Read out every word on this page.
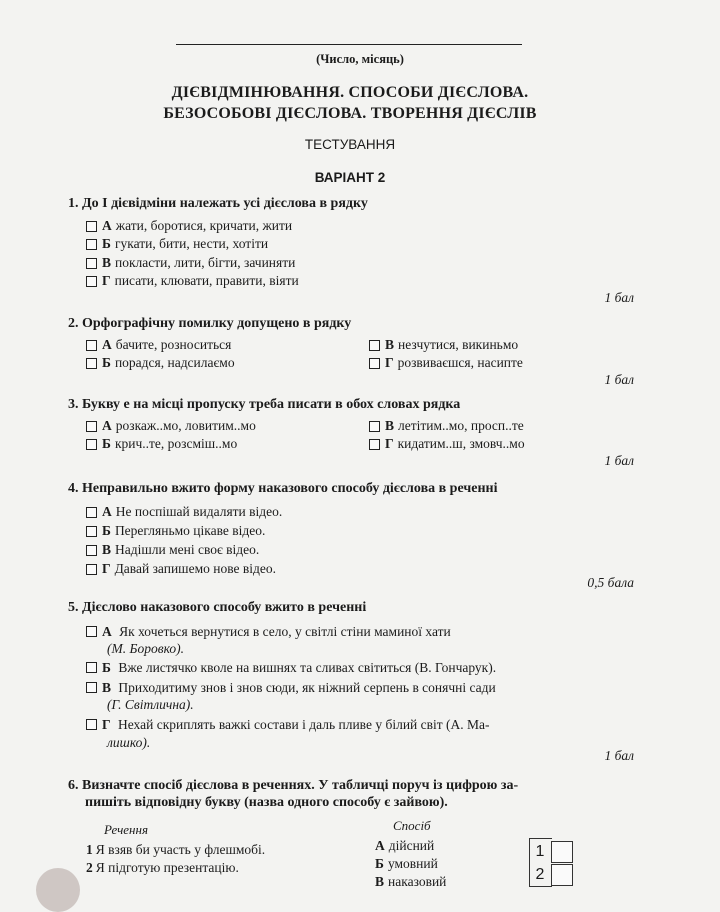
(Число, місяць)
ДІЄВІДМІНЮВАННЯ. СПОСОБИ ДІЄСЛОВА.
БЕЗОСОБОВІ ДІЄСЛОВА. ТВОРЕННЯ ДІЄСЛІВ
ТЕСТУВАННЯ
ВАРІАНТ 2
1. До І дієвідміни належать усі дієслова в рядку
А жати, боротися, кричати, жити
Б гукати, бити, нести, хотіти
В покласти, лити, бігти, зачиняти
Г писати, клювати, правити, віяти
1 бал
2. Орфографічну помилку допущено в рядку
А бачите, розноситься	В незчутися, викиньмо
Б порадся, надсилаємо	Г розвиваєшся, насипте
1 бал
3. Букву е на місці пропуску треба писати в обох словах рядка
А розкаж..мо, ловитим..мо	В летітим..мо, просп..те
Б крич..те, розсміш..мо	Г кидатим..ш, змовч..мо
1 бал
4. Неправильно вжито форму наказового способу дієслова в реченні
А Не поспішай видаляти відео.
Б Перегляньмо цікаве відео.
В Надішли мені своє відео.
Г Давай запишемо нове відео.
0,5 бала
5. Дієслово наказового способу вжито в реченні
А Як хочеться вернутися в село, у світлі стіни маминої хати
(М. Боровко).
Б Вже листячко кволе на вишнях та сливах світиться (В. Гончарук).
В Приходитиму знов і знов сюди, як ніжний серпень в сонячні сади
(Г. Світлична).
Г Нехай скриплять важкі состави і даль пливе у білий світ (А. Ма-
лишко).
1 бал
6. Визначте спосіб дієслова в реченнях. У табличці поруч із цифрою за-
пишіть відповідну букву (назва одного способу є зайвою).
Речення	Спосіб
1 Я взяв би участь у флешмобі.
2 Я підготую презентацію.
А дійсний
Б умовний
В наказовий
1
2
